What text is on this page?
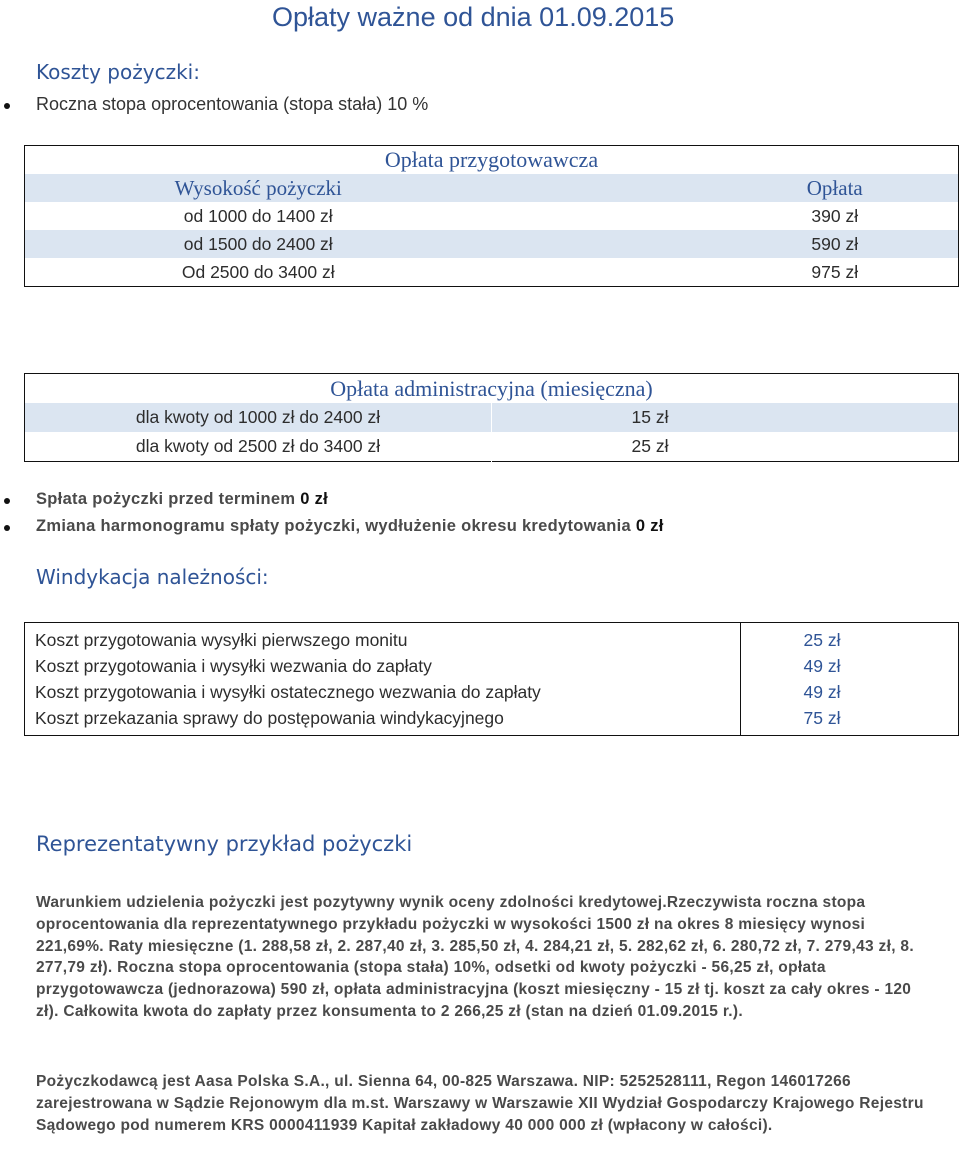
Opłaty ważne od dnia 01.09.2015
Koszty pożyczki:
Roczna stopa oprocentowania (stopa stała) 10 %
Opłata przygotowawcza	
Wysokość pożyczki	Opłata
od 1000 do 1400 zł	390 zł
od 1500 do 2400 zł	590 zł
Od 2500 do 3400 zł	975 zł
Opłata administracyjna (miesięczna)	
dla kwoty od 1000 zł do 2400 zł	15 zł
dla kwoty od 2500 zł do 3400 zł	25 zł
Spłata pożyczki przed terminem 0 zł
Zmiana harmonogramu spłaty pożyczki, wydłużenie okresu kredytowania 0 zł
Windykacja należności:
Koszt przygotowania wysyłki pierwszego monitu	25 zł
Koszt przygotowania i wysyłki wezwania do zapłaty	49 zł
Koszt przygotowania i wysyłki ostatecznego wezwania do zapłaty	49 zł
Koszt przekazania sprawy do postępowania windykacyjnego	75 zł
Reprezentatywny przykład pożyczki
Warunkiem udzielenia pożyczki jest pozytywny wynik oceny zdolności kredytowej.Rzeczywista roczna stopa oprocentowania dla reprezentatywnego przykładu pożyczki w wysokości 1500 zł na okres 8 miesięcy wynosi 221,69%. Raty miesięczne (1. 288,58 zł, 2. 287,40 zł, 3. 285,50 zł, 4. 284,21 zł, 5. 282,62 zł, 6. 280,72 zł, 7. 279,43 zł, 8. 277,79 zł). Roczna stopa oprocentowania (stopa stała) 10%, odsetki od kwoty pożyczki - 56,25 zł, opłata przygotowawcza (jednorazowa) 590 zł, opłata administracyjna (koszt miesięczny - 15 zł tj. koszt za cały okres - 120 zł). Całkowita kwota do zapłaty przez konsumenta to 2 266,25 zł (stan na dzień 01.09.2015 r.).
Pożyczkodawcą jest Aasa Polska S.A., ul. Sienna 64, 00-825 Warszawa. NIP: 5252528111, Regon 146017266 zarejestrowana w Sądzie Rejonowym dla m.st. Warszawy w Warszawie XII Wydział Gospodarczy Krajowego Rejestru Sądowego pod numerem KRS 0000411939 Kapitał zakładowy 40 000 000 zł (wpłacony w całości).
